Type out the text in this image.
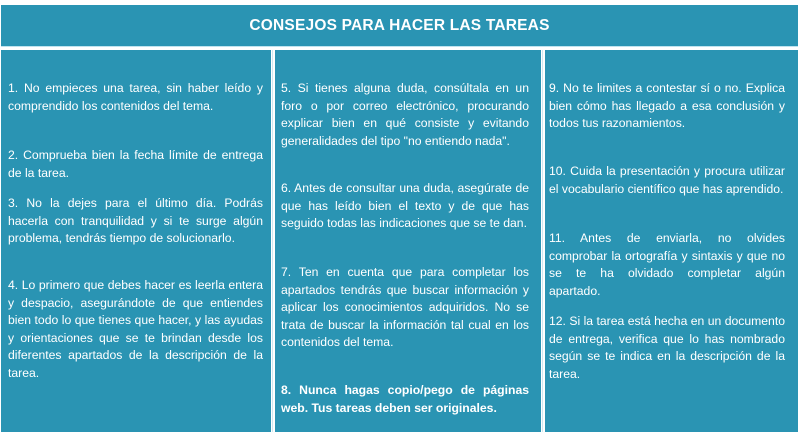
CONSEJOS PARA HACER LAS TAREAS

1. No empieces una tarea, sin haber leído y comprendido los contenidos del tema.

2. Comprueba bien la fecha límite de entrega de la tarea.

3. No la dejes para el último día. Podrás hacerla con tranquilidad y si te surge algún problema, tendrás tiempo de solucionarlo.

4. Lo primero que debes hacer es leerla entera y despacio, asegurándote de que entiendes bien todo lo que tienes que hacer, y las ayudas y orientaciones que se te brindan desde los diferentes apartados de la descripción de la tarea.

5. Si tienes alguna duda, consúltala en un foro o por correo electrónico, procurando explicar bien en qué consiste y evitando generalidades del tipo "no entiendo nada".

6. Antes de consultar una duda, asegúrate de que has leído bien el texto y de que has seguido todas las indicaciones que se te dan.

7. Ten en cuenta que para completar los apartados tendrás que buscar información y aplicar los conocimientos adquiridos. No se trata de buscar la información tal cual en los contenidos del tema.

8. Nunca hagas copio/pego de páginas web. Tus tareas deben ser originales.

9. No te limites a contestar sí o no. Explica bien cómo has llegado a esa conclusión y todos tus razonamientos.

10. Cuida la presentación y procura utilizar el vocabulario científico que has aprendido.

11. Antes de enviarla, no olvides comprobar la ortografía y sintaxis y que no se te ha olvidado completar algún apartado.

12. Si la tarea está hecha en un documento de entrega, verifica que lo has nombrado según se te indica en la descripción de la tarea.
